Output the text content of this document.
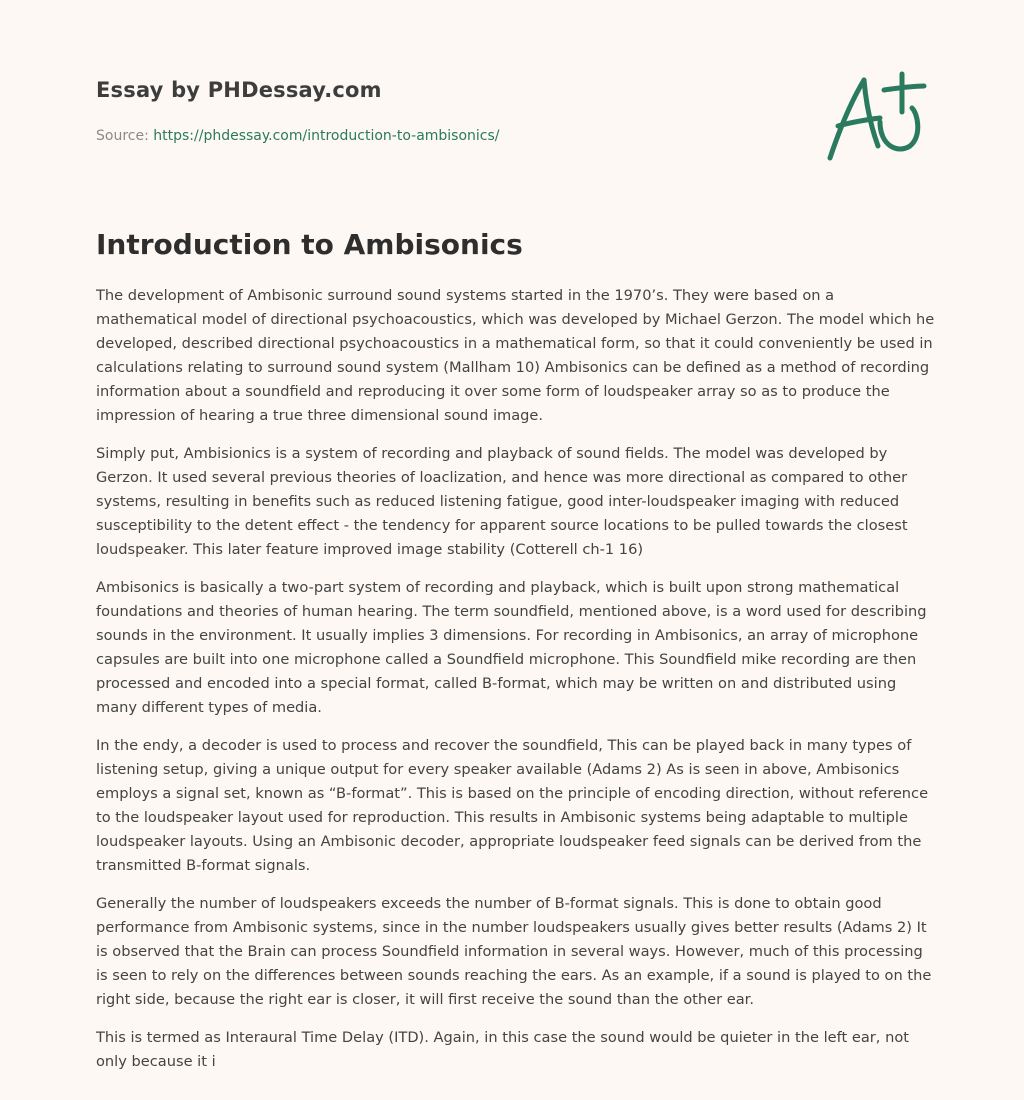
Essay by PHDessay.com
Source: https://phdessay.com/introduction-to-ambisonics/
Introduction to Ambisonics

The development of Ambisonic surround sound systems started in the 1970’s. They were based on a mathematical model of directional psychoacoustics, which was developed by Michael Gerzon. The model which he developed, described directional psychoacoustics in a mathematical form, so that it could conveniently be used in calculations relating to surround sound system (Mallham 10) Ambisonics can be defined as a method of recording information about a soundfield and reproducing it over some form of loudspeaker array so as to produce the impression of hearing a true three dimensional sound image.

Simply put, Ambisionics is a system of recording and playback of sound fields. The model was developed by Gerzon. It used several previous theories of loaclization, and hence was more directional as compared to other systems, resulting in benefits such as reduced listening fatigue, good inter-loudspeaker imaging with reduced susceptibility to the detent effect - the tendency for apparent source locations to be pulled towards the closest loudspeaker. This later feature improved image stability (Cotterell ch-1 16)

Ambisonics is basically a two-part system of recording and playback, which is built upon strong mathematical foundations and theories of human hearing. The term soundfield, mentioned above, is a word used for describing sounds in the environment. It usually implies 3 dimensions. For recording in Ambisonics, an array of microphone capsules are built into one microphone called a Soundfield microphone. This Soundfield mike recording are then processed and encoded into a special format, called B-format, which may be written on and distributed using many different types of media.

In the endy, a decoder is used to process and recover the soundfield, This can be played back in many types of listening setup, giving a unique output for every speaker available (Adams 2) As is seen in above, Ambisonics employs a signal set, known as “B-format”. This is based on the principle of encoding direction, without reference to the loudspeaker layout used for reproduction. This results in Ambisonic systems being adaptable to multiple loudspeaker layouts. Using an Ambisonic decoder, appropriate loudspeaker feed signals can be derived from the transmitted B-format signals.

Generally the number of loudspeakers exceeds the number of B-format signals. This is done to obtain good performance from Ambisonic systems, since in the number loudspeakers usually gives better results (Adams 2) It is observed that the Brain can process Soundfield information in several ways. However, much of this processing is seen to rely on the differences between sounds reaching the ears. As an example, if a sound is played to on the right side, because the right ear is closer, it will first receive the sound than the other ear.

This is termed as Interaural Time Delay (ITD). Again, in this case the sound would be quieter in the left ear, not only because it i
